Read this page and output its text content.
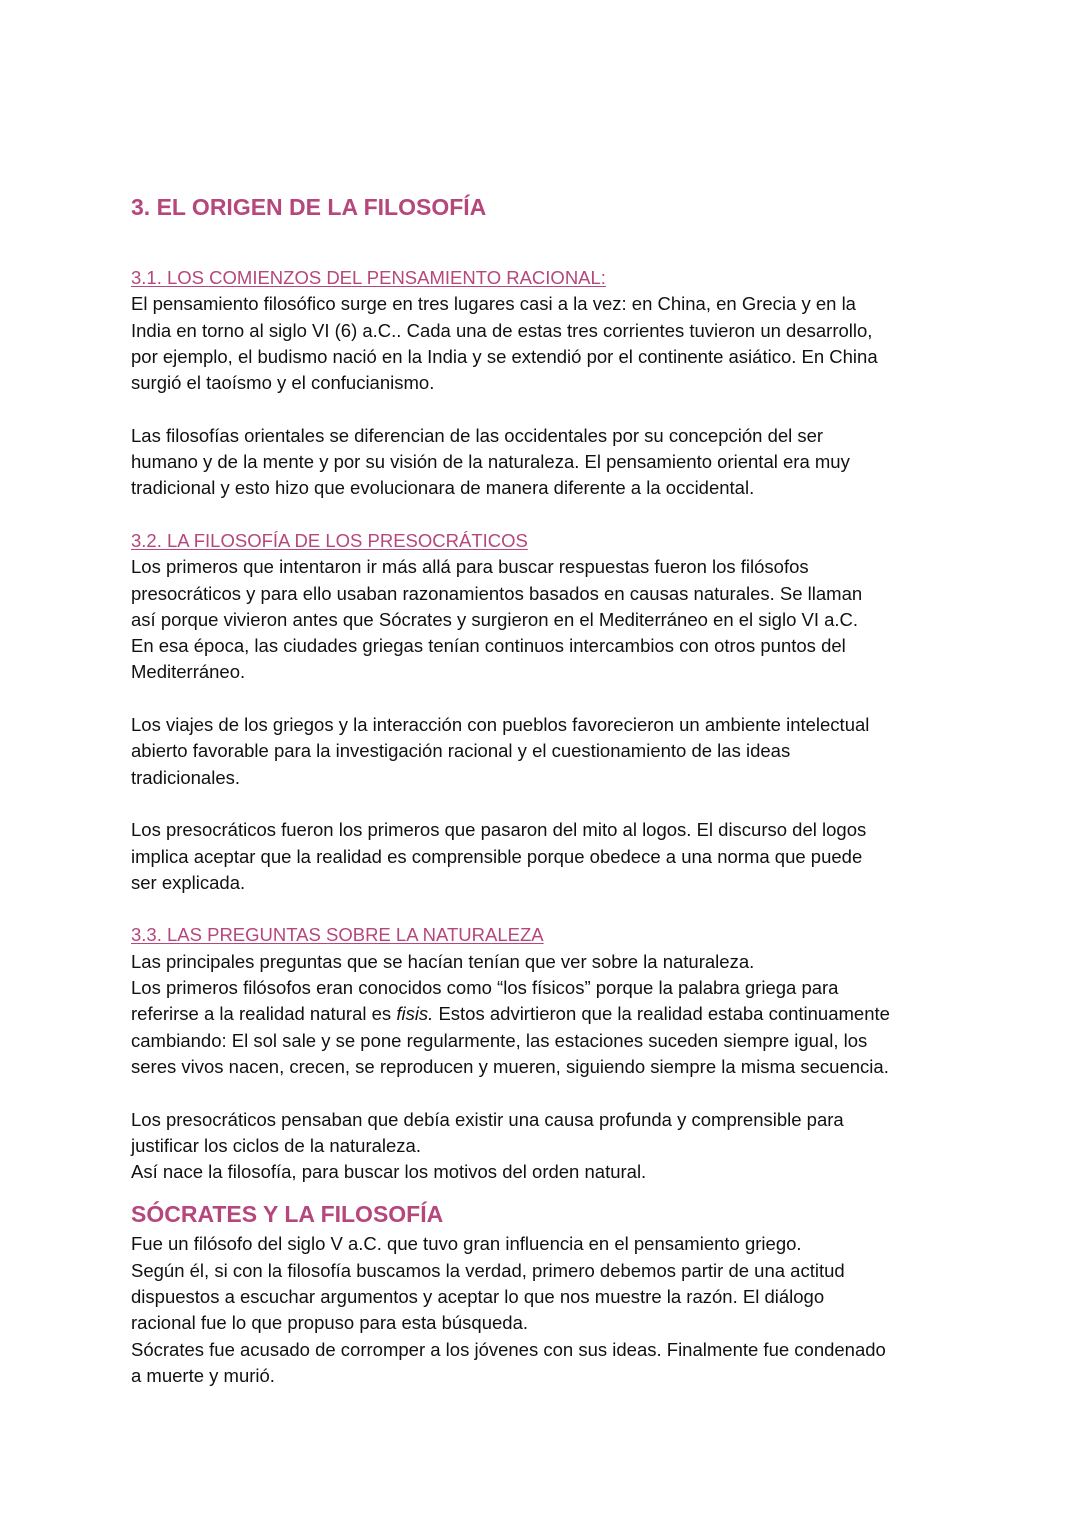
3. EL ORIGEN DE LA FILOSOFÍA
3.1. LOS COMIENZOS DEL PENSAMIENTO RACIONAL:

El pensamiento filosófico surge en tres lugares casi a la vez: en China, en Grecia y en la

India en torno al siglo VI (6) a.C.. Cada una de estas tres corrientes tuvieron un desarrollo,

por ejemplo, el budismo nació en la India y se extendió por el continente asiático. En China

surgió el taoísmo y el confucianismo.

Las filosofías orientales se diferencian de las occidentales por su concepción del ser

humano y de la mente y por su visión de la naturaleza. El pensamiento oriental era muy

tradicional y esto hizo que evolucionara de manera diferente a la occidental.

3.2. LA FILOSOFÍA DE LOS PRESOCRÁTICOS

Los primeros que intentaron ir más allá para buscar respuestas fueron los filósofos

presocráticos y para ello usaban razonamientos basados en causas naturales. Se llaman

así porque vivieron antes que Sócrates y surgieron en el Mediterráneo en el siglo VI a.C.

En esa época, las ciudades griegas tenían continuos intercambios con otros puntos del

Mediterráneo.

Los viajes de los griegos y la interacción con pueblos favorecieron un ambiente intelectual

abierto favorable para la investigación racional y el cuestionamiento de las ideas

tradicionales.

Los presocráticos fueron los primeros que pasaron del mito al logos. El discurso del logos

implica aceptar que la realidad es comprensible porque obedece a una norma que puede

ser explicada.

3.3. LAS PREGUNTAS SOBRE LA NATURALEZA

Las principales preguntas que se hacían tenían que ver sobre la naturaleza.

Los primeros filósofos eran conocidos como “los físicos” porque la palabra griega para

referirse a la realidad natural es fisis. Estos advirtieron que la realidad estaba continuamente

cambiando: El sol sale y se pone regularmente, las estaciones suceden siempre igual, los

seres vivos nacen, crecen, se reproducen y mueren, siguiendo siempre la misma secuencia.

Los presocráticos pensaban que debía existir una causa profunda y comprensible para

justificar los ciclos de la naturaleza.

Así nace la filosofía, para buscar los motivos del orden natural.

SÓCRATES Y LA FILOSOFÍA

Fue un filósofo del siglo V a.C. que tuvo gran influencia en el pensamiento griego.

Según él, si con la filosofía buscamos la verdad, primero debemos partir de una actitud

dispuestos a escuchar argumentos y aceptar lo que nos muestre la razón. El diálogo

racional fue lo que propuso para esta búsqueda.

Sócrates fue acusado de corromper a los jóvenes con sus ideas. Finalmente fue condenado

a muerte y murió.
